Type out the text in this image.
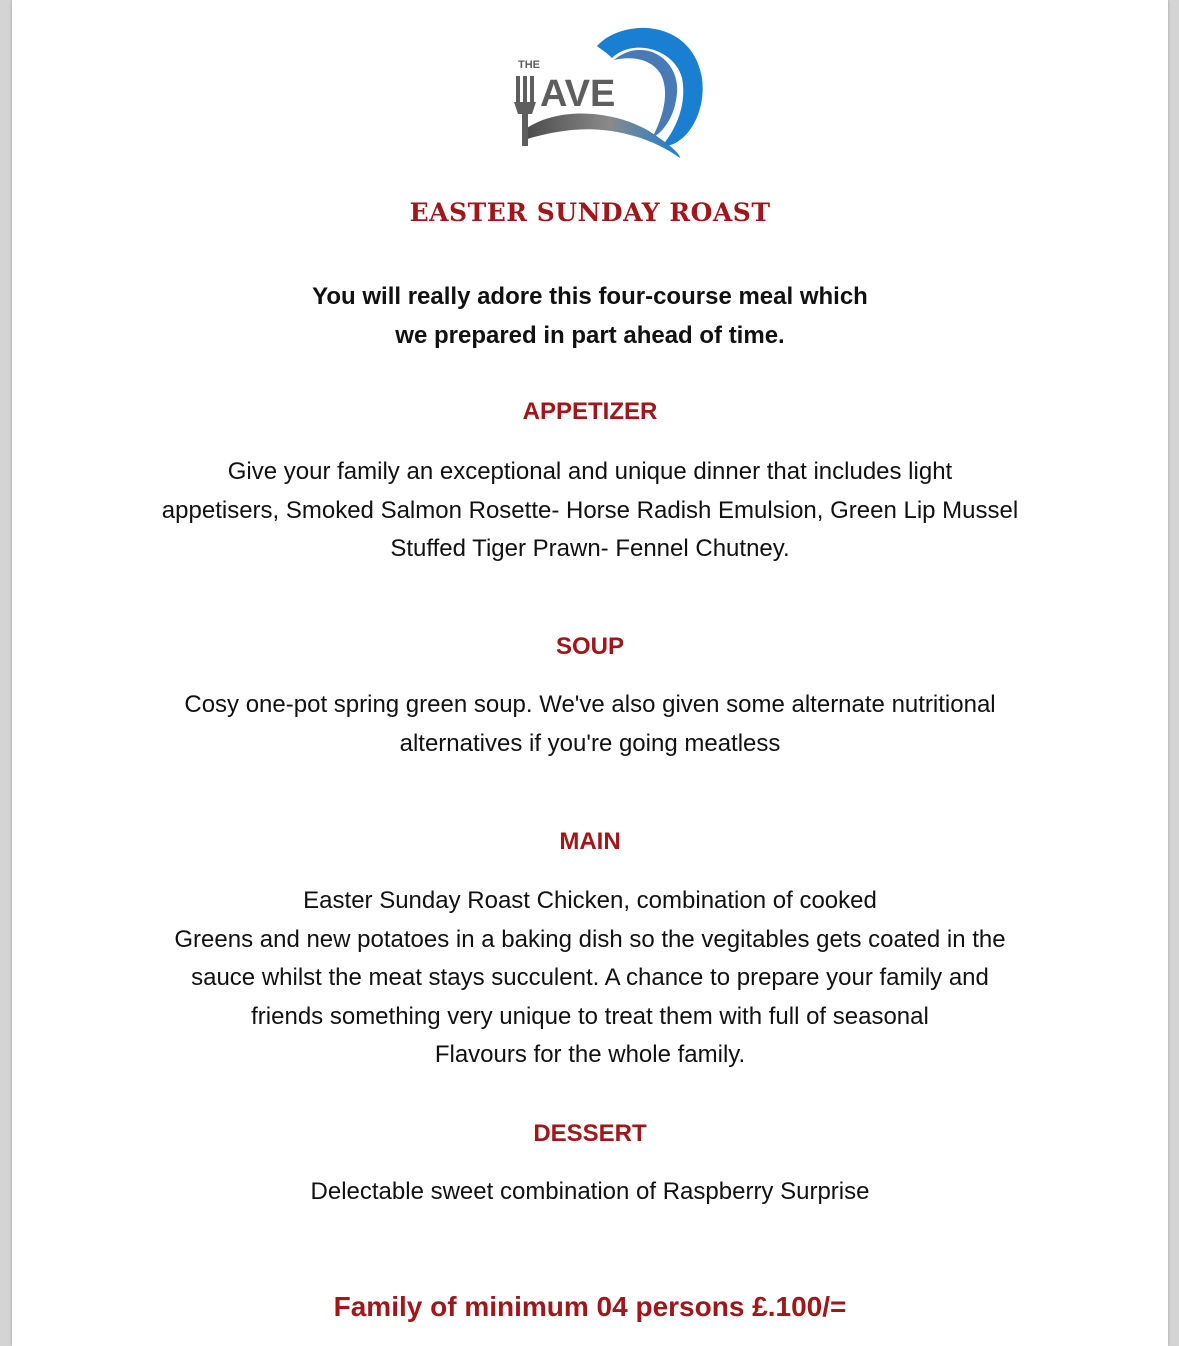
THE
AVE
EASTER SUNDAY ROAST
You will really adore this four-course meal which
we prepared in part ahead of time.
APPETIZER
Give your family an exceptional and unique dinner that includes light
appetisers, Smoked Salmon Rosette- Horse Radish Emulsion, Green Lip Mussel
Stuffed Tiger Prawn- Fennel Chutney.
SOUP
Cosy one-pot spring green soup. We've also given some alternate nutritional
alternatives if you're going meatless
MAIN
Easter Sunday Roast Chicken, combination of cooked
Greens and new potatoes in a baking dish so the vegitables gets coated in the
sauce whilst the meat stays succulent. A chance to prepare your family and
friends something very unique to treat them with full of seasonal
Flavours for the whole family.
DESSERT
Delectable sweet combination of Raspberry Surprise
Family of minimum 04 persons £.100/=
